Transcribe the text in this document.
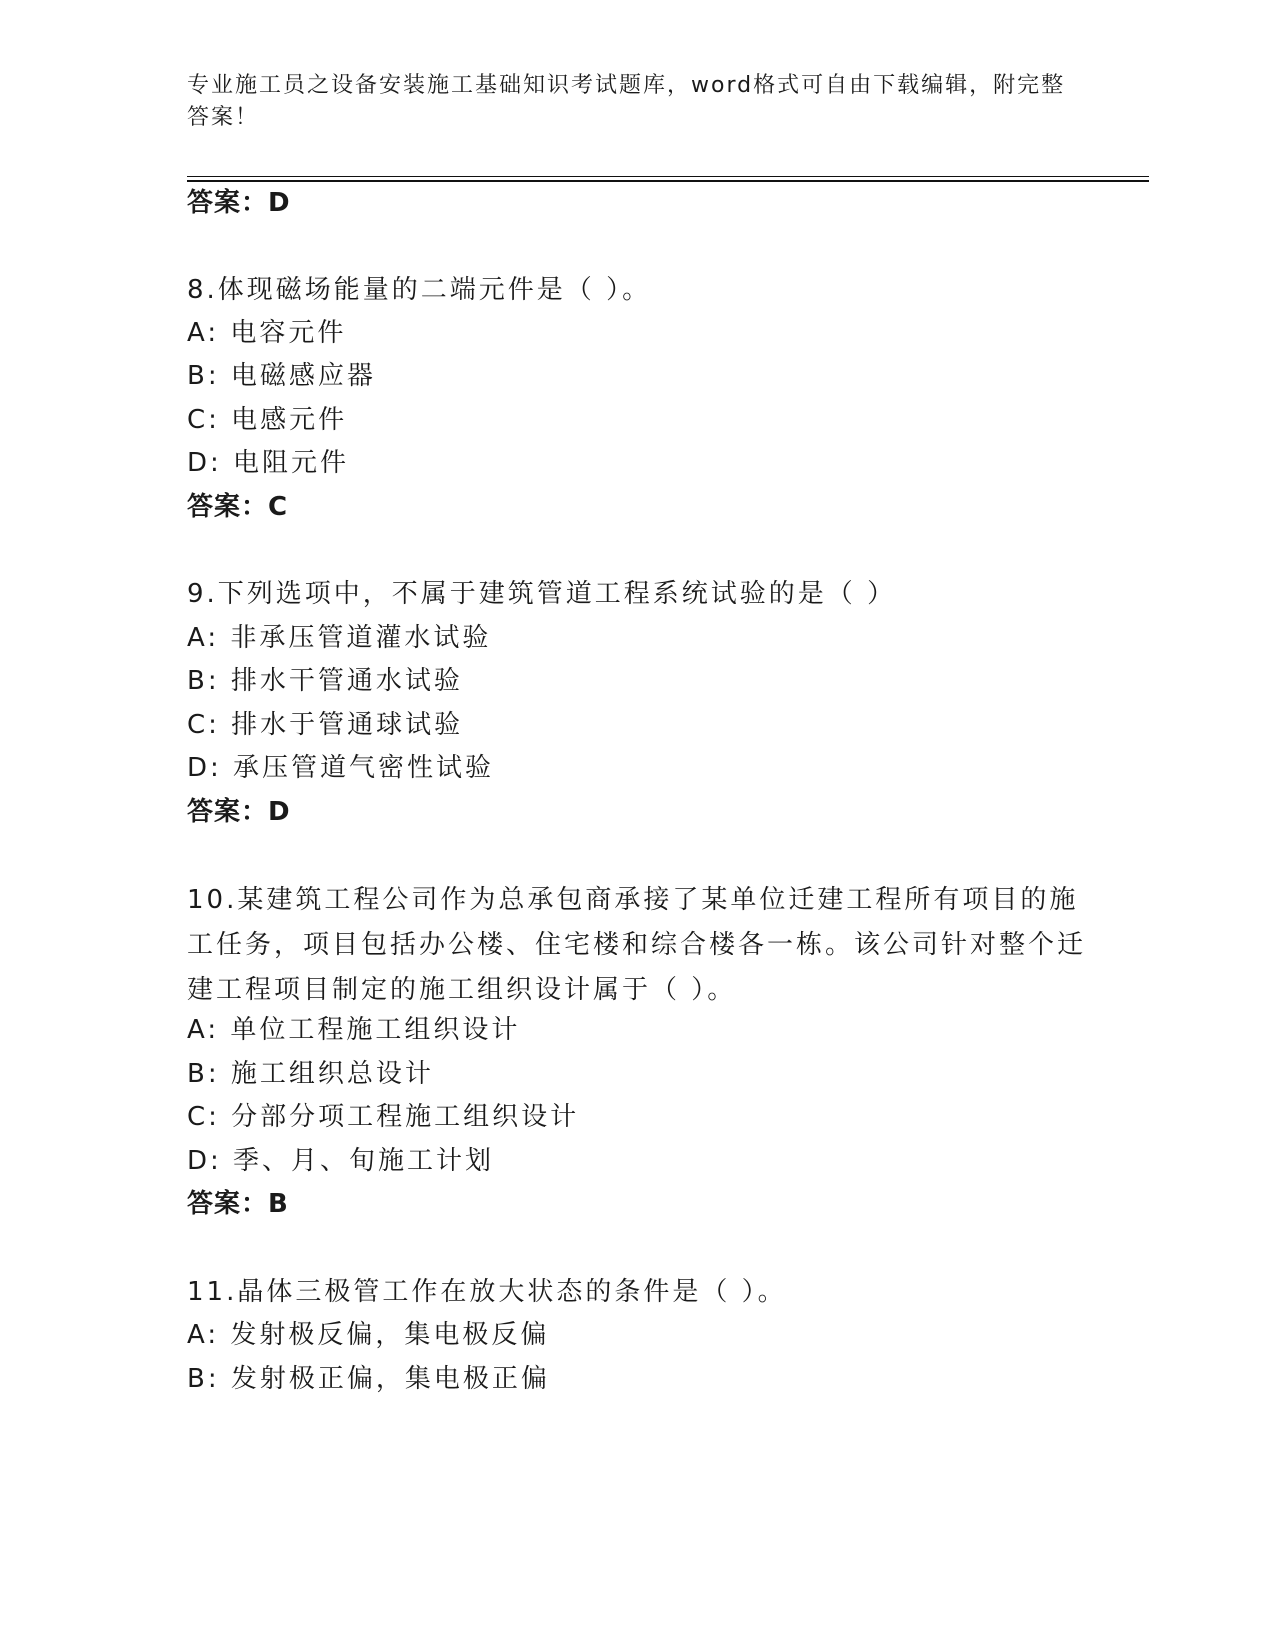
专业施工员之设备安装施工基础知识考试题库，word格式可自由下载编辑，附完整答案！
答案：D
8.体现磁场能量的二端元件是（ ）。
A: 电容元件
B: 电磁感应器
C: 电感元件
D: 电阻元件
答案：C
9.下列选项中，不属于建筑管道工程系统试验的是（ ）
A: 非承压管道灌水试验
B: 排水干管通水试验
C: 排水于管通球试验
D: 承压管道气密性试验
答案：D
10.某建筑工程公司作为总承包商承接了某单位迁建工程所有项目的施工任务，项目包括办公楼、住宅楼和综合楼各一栋。该公司针对整个迁建工程项目制定的施工组织设计属于（ ）。
A: 单位工程施工组织设计
B: 施工组织总设计
C: 分部分项工程施工组织设计
D: 季、月、旬施工计划
答案：B
11.晶体三极管工作在放大状态的条件是（ ）。
A: 发射极反偏，集电极反偏
B: 发射极正偏，集电极正偏
